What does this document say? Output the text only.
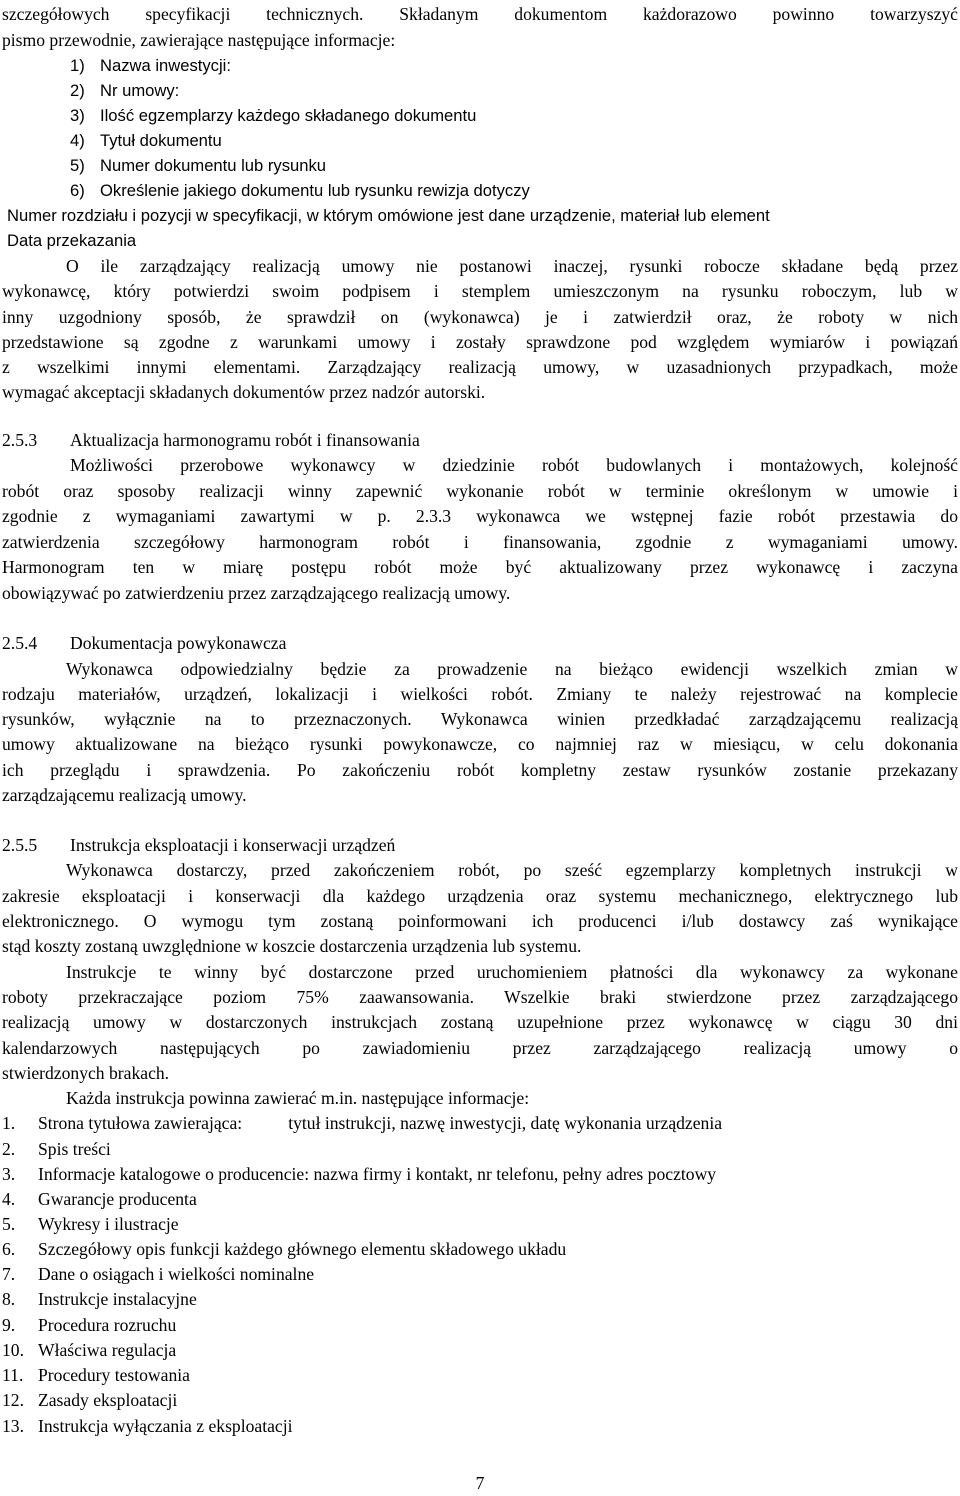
szczegółowych specyfikacji technicznych. Składanym dokumentom każdorazowo powinno towarzyszyć
pismo przewodnie, zawierające następujące informacje:
1) Nazwa inwestycji:
2) Nr umowy:
3) Ilość egzemplarzy każdego składanego dokumentu
4) Tytuł dokumentu
5) Numer dokumentu lub rysunku
6) Określenie jakiego dokumentu lub rysunku rewizja dotyczy
Numer rozdziału i pozycji w specyfikacji, w którym omówione jest dane urządzenie, materiał lub element
Data przekazania
O ile zarządzający realizacją umowy nie postanowi inaczej, rysunki robocze składane będą przez
wykonawcę, który potwierdzi swoim podpisem i stemplem umieszczonym na rysunku roboczym, lub w
inny uzgodniony sposób, że sprawdził on (wykonawca) je i zatwierdził oraz, że roboty w nich
przedstawione są zgodne z warunkami umowy i zostały sprawdzone pod względem wymiarów i powiązań
z wszelkimi innymi elementami. Zarządzający realizacją umowy, w uzasadnionych przypadkach, może
wymagać akceptacji składanych dokumentów przez nadzór autorski.
2.5.3 Aktualizacja harmonogramu robót i finansowania
Możliwości przerobowe wykonawcy w dziedzinie robót budowlanych i montażowych, kolejność
robót oraz sposoby realizacji winny zapewnić wykonanie robót w terminie określonym w umowie i
zgodnie z wymaganiami zawartymi w p. 2.3.3 wykonawca we wstępnej fazie robót przestawia do
zatwierdzenia szczegółowy harmonogram robót i finansowania, zgodnie z wymaganiami umowy.
Harmonogram ten w miarę postępu robót może być aktualizowany przez wykonawcę i zaczyna
obowiązywać po zatwierdzeniu przez zarządzającego realizacją umowy.
2.5.4 Dokumentacja powykonawcza
Wykonawca odpowiedzialny będzie za prowadzenie na bieżąco ewidencji wszelkich zmian w
rodzaju materiałów, urządzeń, lokalizacji i wielkości robót. Zmiany te należy rejestrować na komplecie
rysunków, wyłącznie na to przeznaczonych. Wykonawca winien przedkładać zarządzającemu realizacją
umowy aktualizowane na bieżąco rysunki powykonawcze, co najmniej raz w miesiącu, w celu dokonania
ich przeglądu i sprawdzenia. Po zakończeniu robót kompletny zestaw rysunków zostanie przekazany
zarządzającemu realizacją umowy.
2.5.5 Instrukcja eksploatacji i konserwacji urządzeń
Wykonawca dostarczy, przed zakończeniem robót, po sześć egzemplarzy kompletnych instrukcji w
zakresie eksploatacji i konserwacji dla każdego urządzenia oraz systemu mechanicznego, elektrycznego lub
elektronicznego. O wymogu tym zostaną poinformowani ich producenci i/lub dostawcy zaś wynikające
stąd koszty zostaną uwzględnione w koszcie dostarczenia urządzenia lub systemu.
Instrukcje te winny być dostarczone przed uruchomieniem płatności dla wykonawcy za wykonane
roboty przekraczające poziom 75% zaawansowania. Wszelkie braki stwierdzone przez zarządzającego
realizacją umowy w dostarczonych instrukcjach zostaną uzupełnione przez wykonawcę w ciągu 30 dni
kalendarzowych następujących po zawiadomieniu przez zarządzającego realizacją umowy o
stwierdzonych brakach.
Każda instrukcja powinna zawierać m.in. następujące informacje:
1. Strona tytułowa zawierająca:	tytuł instrukcji, nazwę inwestycji, datę wykonania urządzenia
2. Spis treści
3. Informacje katalogowe o producencie: nazwa firmy i kontakt, nr telefonu, pełny adres pocztowy
4. Gwarancje producenta
5. Wykresy i ilustracje
6. Szczegółowy opis funkcji każdego głównego elementu składowego układu
7. Dane o osiągach i wielkości nominalne
8. Instrukcje instalacyjne
9. Procedura rozruchu
10. Właściwa regulacja
11. Procedury testowania
12. Zasady eksploatacji
13. Instrukcja wyłączania z eksploatacji
7
